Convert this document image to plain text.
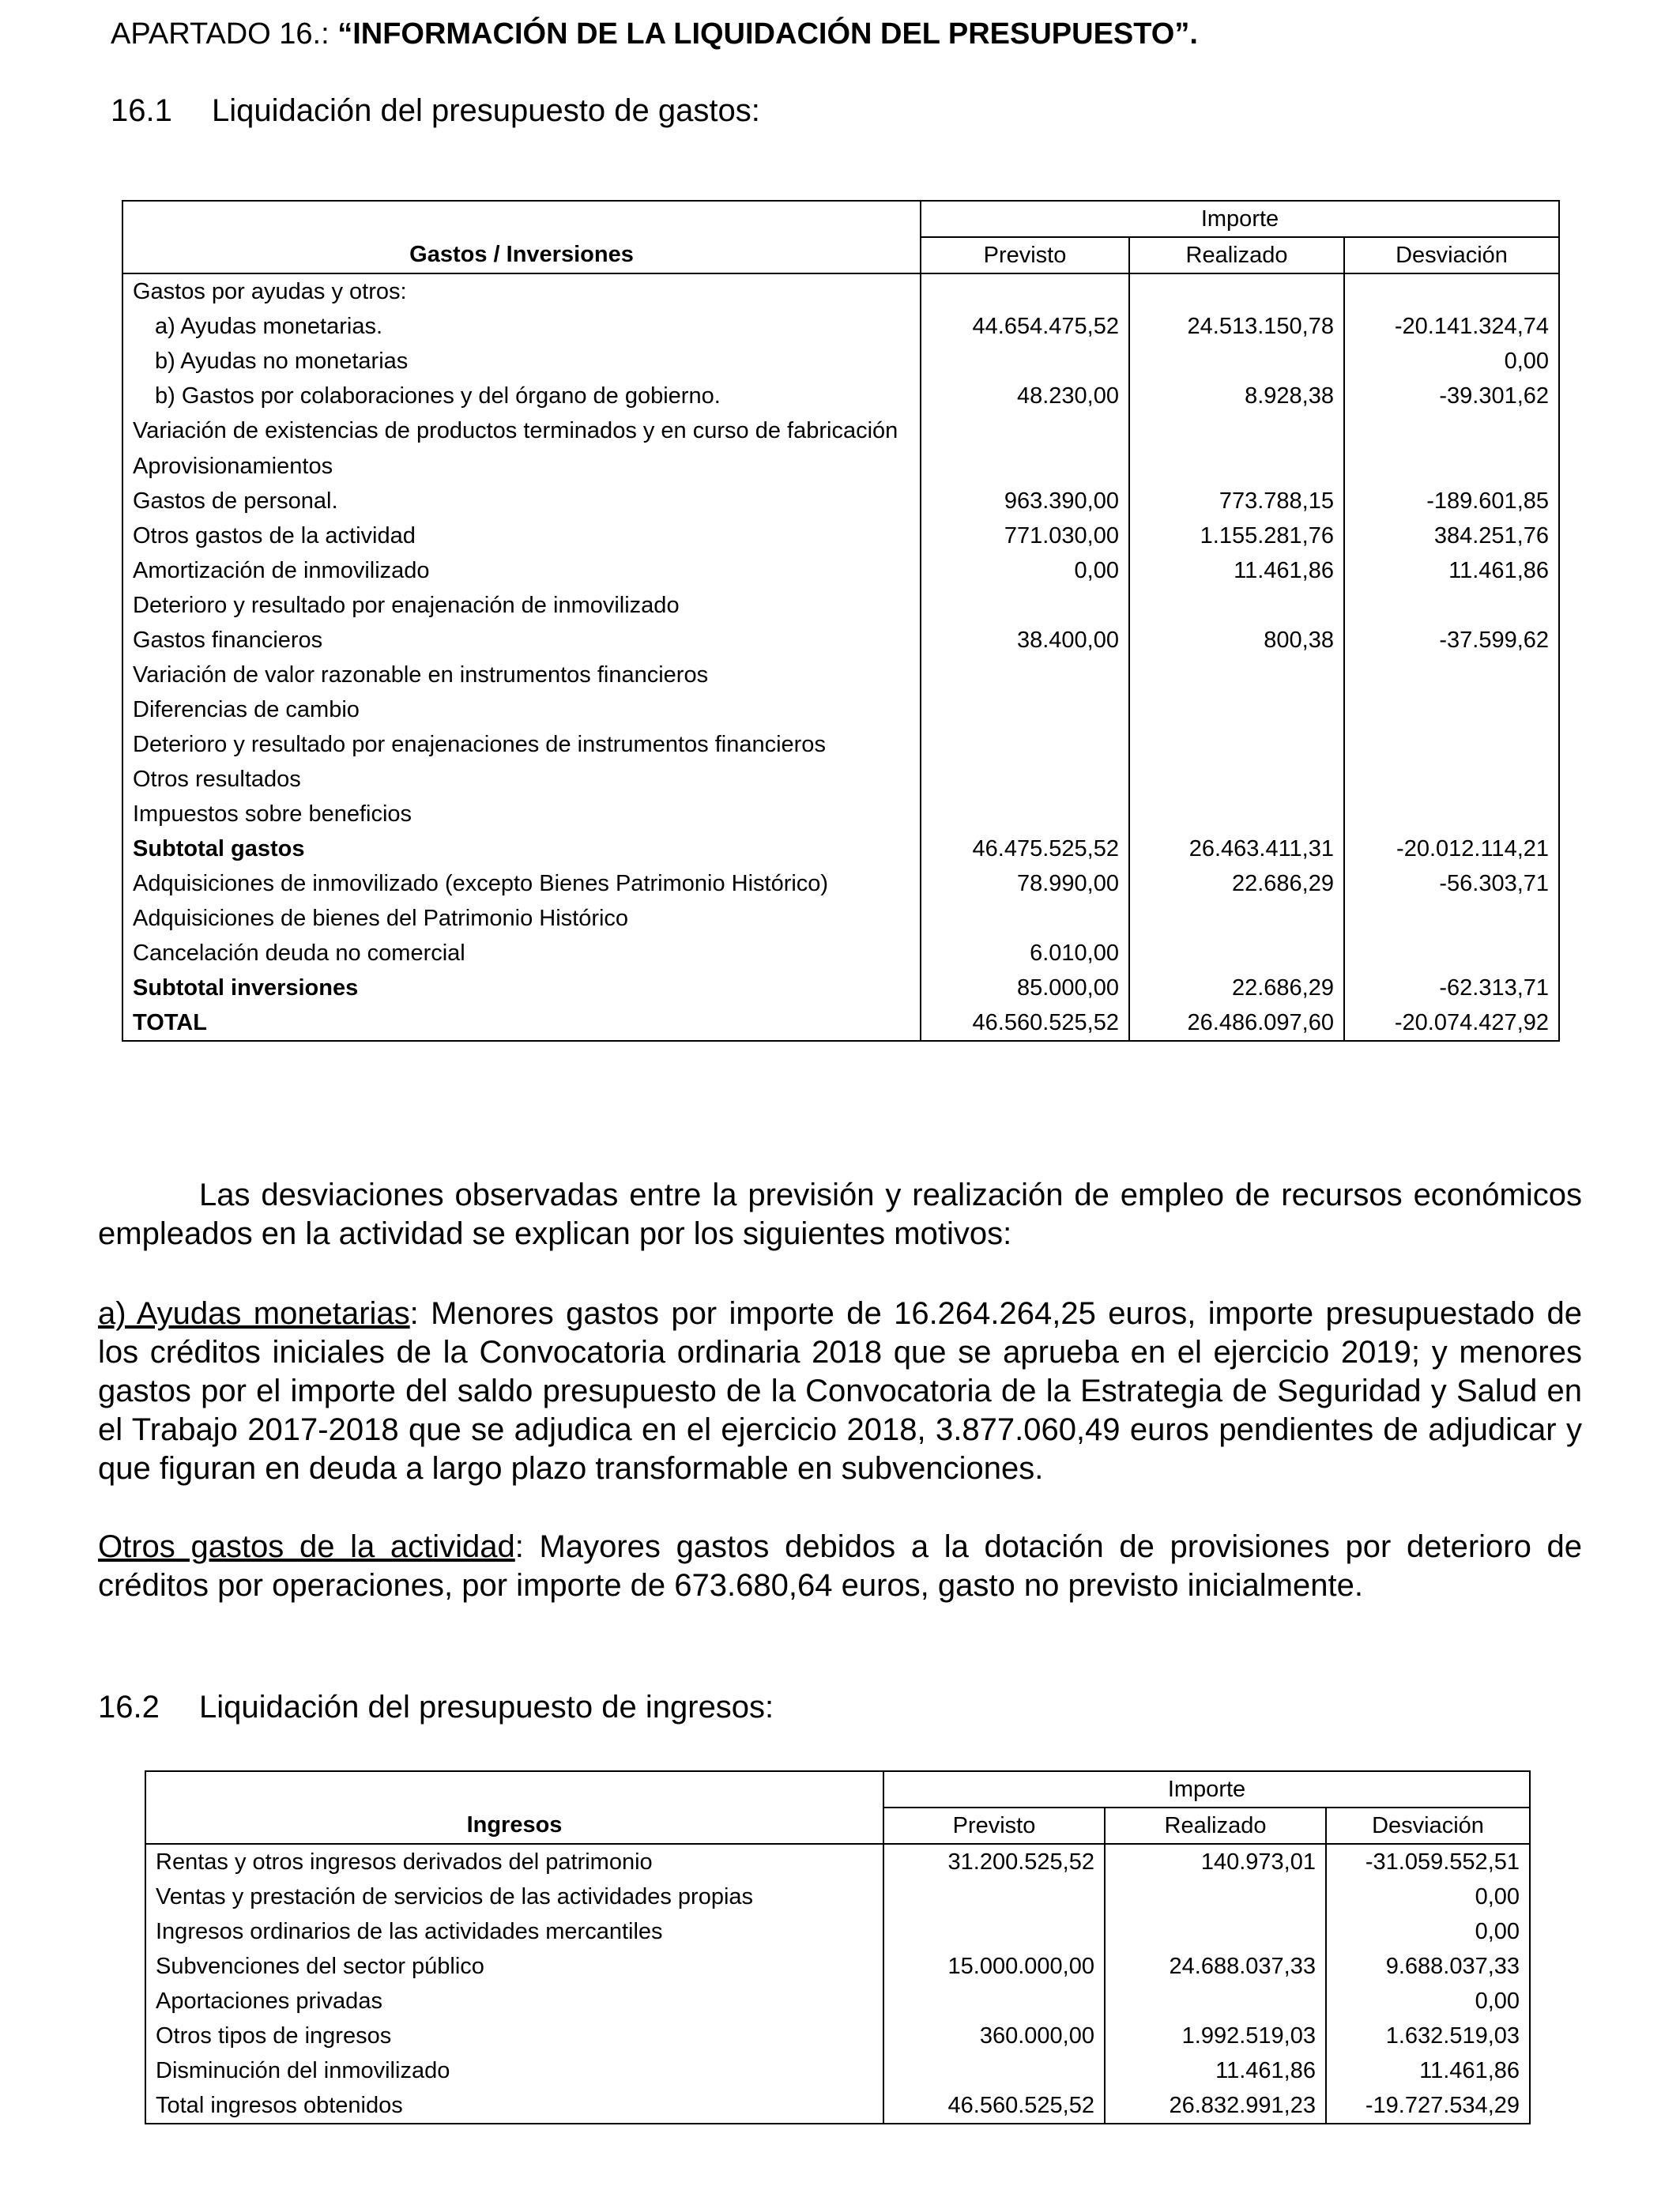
APARTADO 16.: “INFORMACIÓN DE LA LIQUIDACIÓN DEL PRESUPUESTO”.
16.1 Liquidación del presupuesto de gastos:
	Importe		
Gastos / Inversiones	Previsto	Realizado	Desviación
Gastos por ayudas y otros:			
a) Ayudas monetarias.	44.654.475,52	24.513.150,78	-20.141.324,74
b) Ayudas no monetarias			0,00
b) Gastos por colaboraciones y del órgano de gobierno.	48.230,00	8.928,38	-39.301,62
Variación de existencias de productos terminados y en curso de fabricación			
Aprovisionamientos			
Gastos de personal.	963.390,00	773.788,15	-189.601,85
Otros gastos de la actividad	771.030,00	1.155.281,76	384.251,76
Amortización de inmovilizado	0,00	11.461,86	11.461,86
Deterioro y resultado por enajenación de inmovilizado			
Gastos financieros	38.400,00	800,38	-37.599,62
Variación de valor razonable en instrumentos financieros			
Diferencias de cambio			
Deterioro y resultado por enajenaciones de instrumentos financieros			
Otros resultados			
Impuestos sobre beneficios			
Subtotal gastos	46.475.525,52	26.463.411,31	-20.012.114,21
Adquisiciones de inmovilizado (excepto Bienes Patrimonio Histórico)	78.990,00	22.686,29	-56.303,71
Adquisiciones de bienes del Patrimonio Histórico			
Cancelación deuda no comercial	6.010,00		
Subtotal inversiones	85.000,00	22.686,29	-62.313,71
TOTAL	46.560.525,52	26.486.097,60	-20.074.427,92
Las desviaciones observadas entre la previsión y realización de empleo de recursos económicos empleados en la actividad se explican por los siguientes motivos:
a) Ayudas monetarias: Menores gastos por importe de 16.264.264,25 euros, importe presupuestado de los créditos iniciales de la Convocatoria ordinaria 2018 que se aprueba en el ejercicio 2019; y menores gastos por el importe del saldo presupuesto de la Convocatoria de la Estrategia de Seguridad y Salud en el Trabajo 2017-2018 que se adjudica en el ejercicio 2018, 3.877.060,49 euros pendientes de adjudicar y que figuran en deuda a largo plazo transformable en subvenciones.
Otros gastos de la actividad: Mayores gastos debidos a la dotación de provisiones por deterioro de créditos por operaciones, por importe de 673.680,64 euros, gasto no previsto inicialmente.
16.2 Liquidación del presupuesto de ingresos:
	Importe		
Ingresos	Previsto	Realizado	Desviación
Rentas y otros ingresos derivados del patrimonio	31.200.525,52	140.973,01	-31.059.552,51
Ventas y prestación de servicios de las actividades propias			0,00
Ingresos ordinarios de las actividades mercantiles			0,00
Subvenciones del sector público	15.000.000,00	24.688.037,33	9.688.037,33
Aportaciones privadas			0,00
Otros tipos de ingresos	360.000,00	1.992.519,03	1.632.519,03
Disminución del inmovilizado		11.461,86	11.461,86
Total ingresos obtenidos	46.560.525,52	26.832.991,23	-19.727.534,29
